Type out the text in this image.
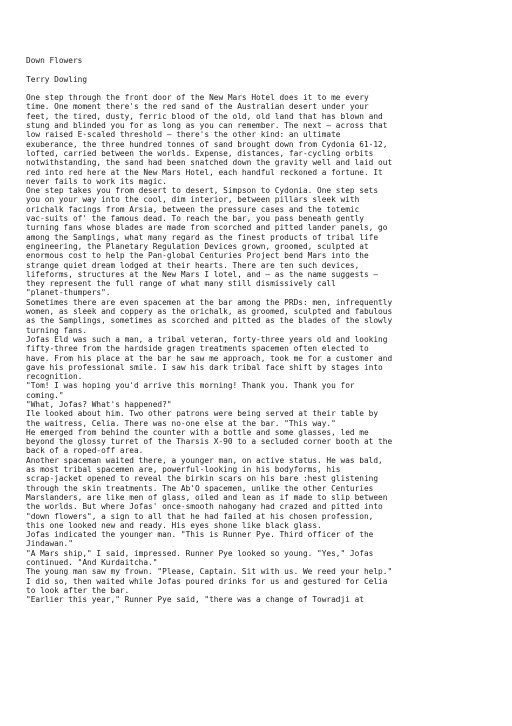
Down Flowers
Terry Dowling
One step through the front door of the New Mars Hotel does it to me every
time. One moment there's the red sand of the Australian desert under your
feet, the tired, dusty, ferric blood of the old, old land that has blown and
stung and blinded you for as long as you can remember. The next — across that
low raised E-scaled threshold — there's the other kind: an ultimate
exuberance, the three hundred tonnes of sand brought down from Cydonia 61-12,
lofted, carried between the worlds. Expense, distances, far-cycling orbits
notwithstanding, the sand had been snatched down the gravity well and laid out
red into red here at the New Mars Hotel, each handful reckoned a fortune. It
never fails to work its magic.
One step takes you from desert to desert, Simpson to Cydonia. One step sets
you on your way into the cool, dim interior, between pillars sleek with
orichalk facings from Arsia, between the pressure cases and the totemic
vac-suits of' the famous dead. To reach the bar, you pass beneath gently
turning fans whose blades are made from scorched and pitted lander panels, go
among the Samplings, what many regard as the finest products of tribal life
engineering, the Planetary Regulation Devices grown, groomed, sculpted at
enormous cost to help the Pan-global Centuries Project bend Mars into the
strange quiet dream lodged at their hearts. There are ten such devices,
lifeforms, structures at the New Mars I lotel, and — as the name suggests —
they represent the full range of what many still dismissively call
"planet-thumpers".
Sometimes there are even spacemen at the bar among the PRDs: men, infrequently
women, as sleek and coppery as the orichalk, as groomed, sculpted and fabulous
as the Samplings, sometimes as scorched and pitted as the blades of the slowly
turning fans.
Jofas Eld was such a man, a tribal veteran, forty-three years old and looking
fifty-three from the hardside gragen treatments spacemen often elected to
have. From his place at the bar he saw me approach, took me for a customer and
gave his professional smile. I saw his dark tribal face shift by stages into
recognition.
"Tom! I was hoping you'd arrive this morning! Thank you. Thank you for
coming."
"What, Jofas? What's happened?"
Ile looked about him. Two other patrons were being served at their table by
the waitress, Celia. There was no-one else at the bar. "This way."
He emerged from behind the counter with a bottle and some glasses, led me
beyond the glossy turret of the Tharsis X-90 to a secluded corner booth at the
back of a roped-off area.
Another spaceman waited there, a younger man, on active status. He was bald,
as most tribal spacemen are, powerful-looking in his bodyforms, his
scrap-jacket opened to reveal the birkin scars on his bare :hest glistening
through the skin treatments. The Ab'O spacemen, unlike the other Centuries
Marslanders, are like men of glass, oiled and lean as if made to slip between
the worlds. But where Jofas' once-smooth nahogany had crazed and pitted into
"down flowers", a sign to all that he had failed at his chosen profession,
this one looked new and ready. His eyes shone like black glass.
Jofas indicated the younger man. "This is Runner Pye. Third officer of the
Jindawan."
"A Mars ship," I said, impressed. Runner Pye looked so young. "Yes," Jofas
continued. "And Kurdaitcha."
The young man saw my frown. "Please, Captain. Sit with us. We reed your help."
I did so, then waited while Jofas poured drinks for us and gestured for Celia
to look after the bar.
"Earlier this year," Runner Pye said, "there was a change of Towradji at
